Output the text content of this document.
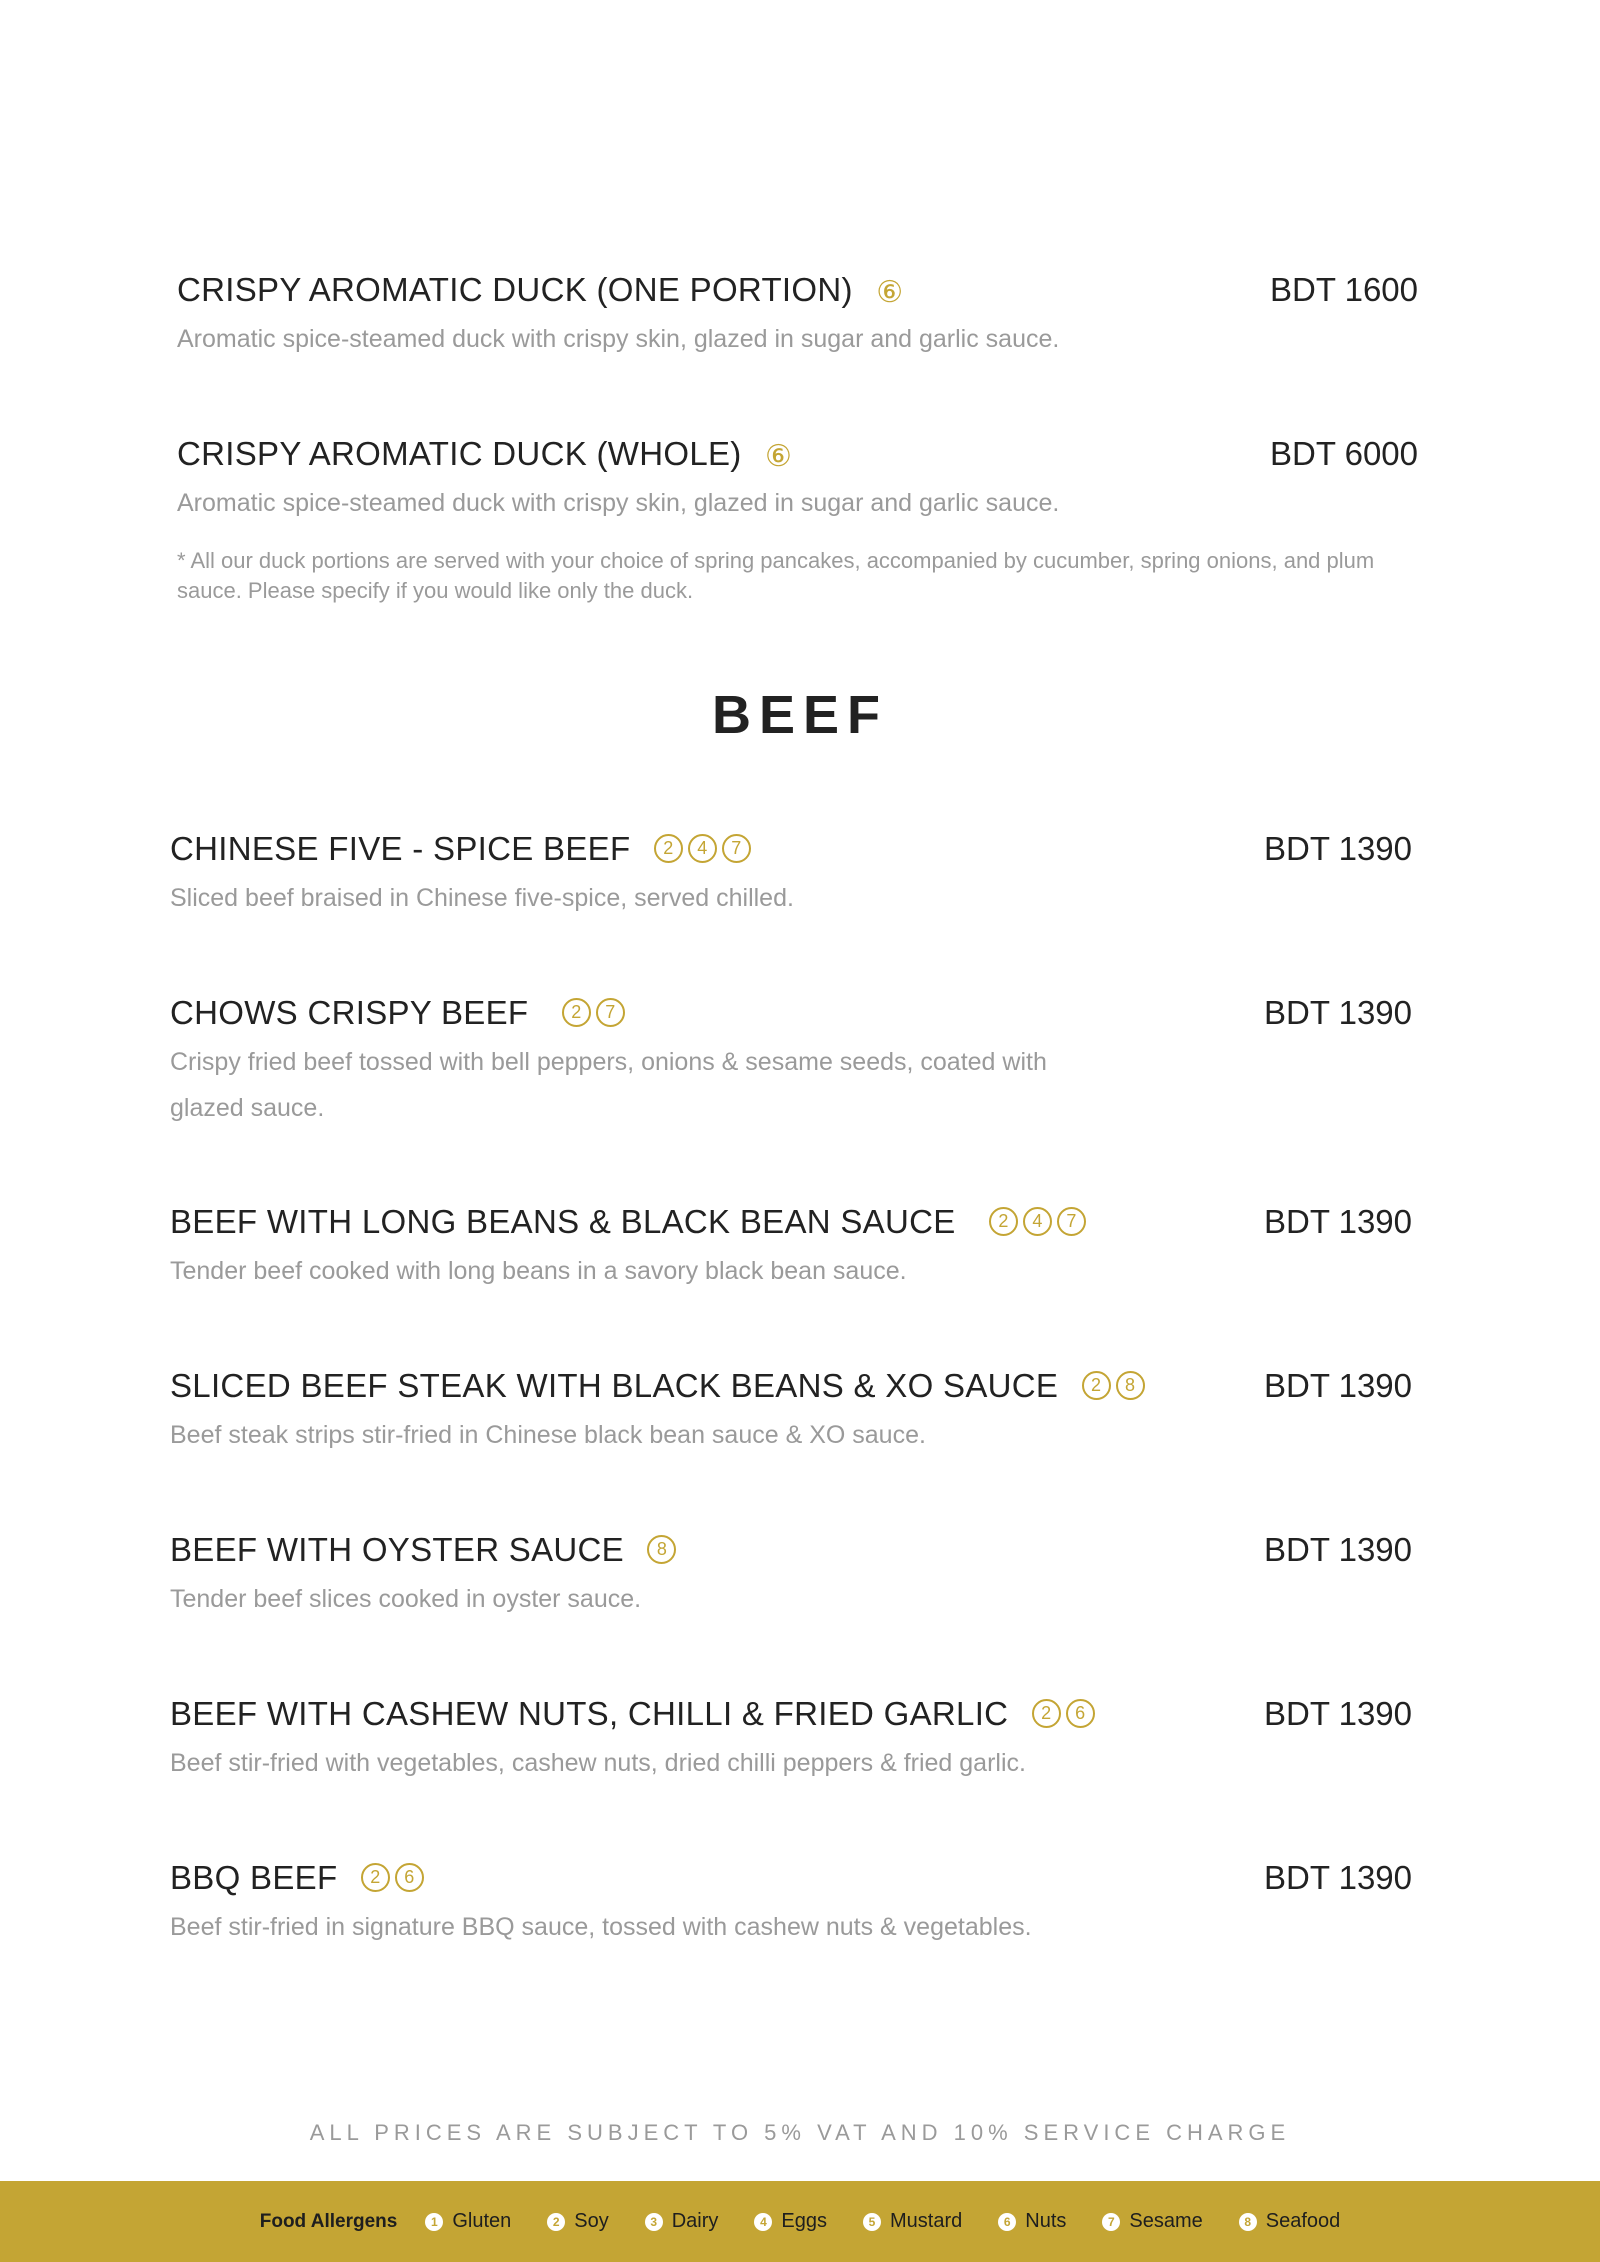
CRISPY AROMATIC DUCK (ONE PORTION) ⑥	BDT 1600
Aromatic spice-steamed duck with crispy skin, glazed in sugar and garlic sauce.
CRISPY AROMATIC DUCK (WHOLE) ⑥	BDT 6000
Aromatic spice-steamed duck with crispy skin, glazed in sugar and garlic sauce.
* All our duck portions are served with your choice of spring pancakes, accompanied by cucumber, spring onions, and plum sauce. Please specify if you would like only the duck.
BEEF
CHINESE FIVE - SPICE BEEF 2 4 7	BDT 1390
Sliced beef braised in Chinese five-spice, served chilled.
CHOWS CRISPY BEEF 2 7	BDT 1390
Crispy fried beef tossed with bell peppers, onions & sesame seeds, coated with glazed sauce.
BEEF WITH LONG BEANS & BLACK BEAN SAUCE 2 4 7	BDT 1390
Tender beef cooked with long beans in a savory black bean sauce.
SLICED BEEF STEAK WITH BLACK BEANS & XO SAUCE 2 8	BDT 1390
Beef steak strips stir-fried in Chinese black bean sauce & XO sauce.
BEEF WITH OYSTER SAUCE 8	BDT 1390
Tender beef slices cooked in oyster sauce.
BEEF WITH CASHEW NUTS, CHILLI & FRIED GARLIC 2 6	BDT 1390
Beef stir-fried with vegetables, cashew nuts, dried chilli peppers & fried garlic.
BBQ BEEF 2 6	BDT 1390
Beef stir-fried in signature BBQ sauce, tossed with cashew nuts & vegetables.
ALL PRICES ARE SUBJECT TO 5% VAT AND 10% SERVICE CHARGE
Food Allergens	1 Gluten	2 Soy	3 Dairy	4 Eggs	5 Mustard	6 Nuts	7 Sesame	8 Seafood
